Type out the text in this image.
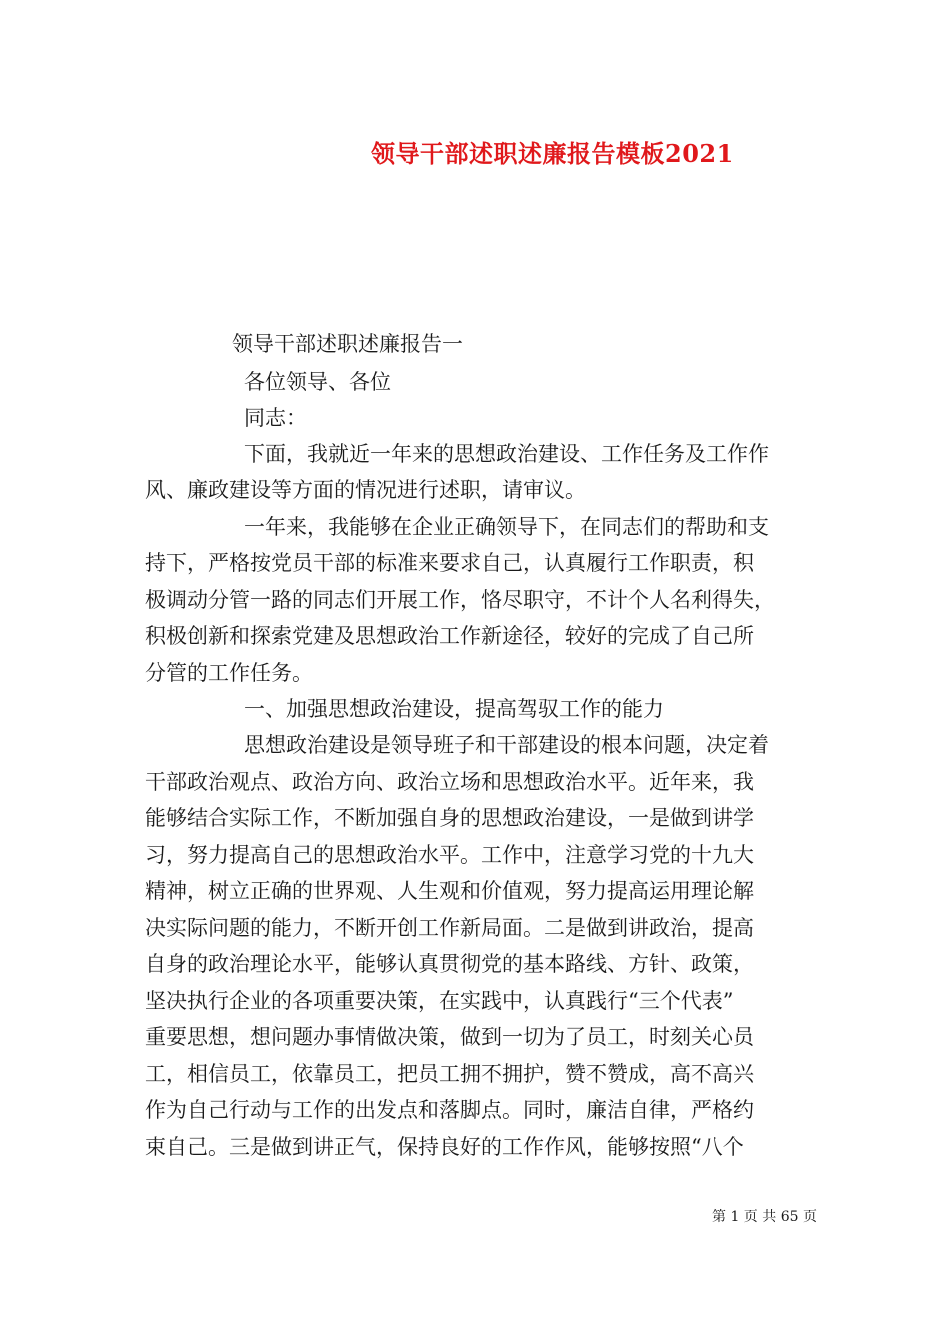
领导干部述职述廉报告模板2021
领导干部述职述廉报告一
各位领导、各位
同志：
下面，我就近一年来的思想政治建设、工作任务及工作作
风、廉政建设等方面的情况进行述职，请审议。
一年来，我能够在企业正确领导下，在同志们的帮助和支
持下，严格按党员干部的标准来要求自己，认真履行工作职责，积
极调动分管一路的同志们开展工作，恪尽职守，不计个人名利得失，
积极创新和探索党建及思想政治工作新途径，较好的完成了自己所
分管的工作任务。
一、加强思想政治建设，提高驾驭工作的能力
思想政治建设是领导班子和干部建设的根本问题，决定着
干部政治观点、政治方向、政治立场和思想政治水平。近年来，我
能够结合实际工作，不断加强自身的思想政治建设，一是做到讲学
习，努力提高自己的思想政治水平。工作中，注意学习党的十九大
精神，树立正确的世界观、人生观和价值观，努力提高运用理论解
决实际问题的能力，不断开创工作新局面。二是做到讲政治，提高
自身的政治理论水平，能够认真贯彻党的基本路线、方针、政策，
坚决执行企业的各项重要决策，在实践中，认真践行“三个代表”
重要思想，想问题办事情做决策，做到一切为了员工，时刻关心员
工，相信员工，依靠员工，把员工拥不拥护，赞不赞成，高不高兴
作为自己行动与工作的出发点和落脚点。同时，廉洁自律，严格约
束自己。三是做到讲正气，保持良好的工作作风，能够按照“八个
第 1 页 共 65 页
